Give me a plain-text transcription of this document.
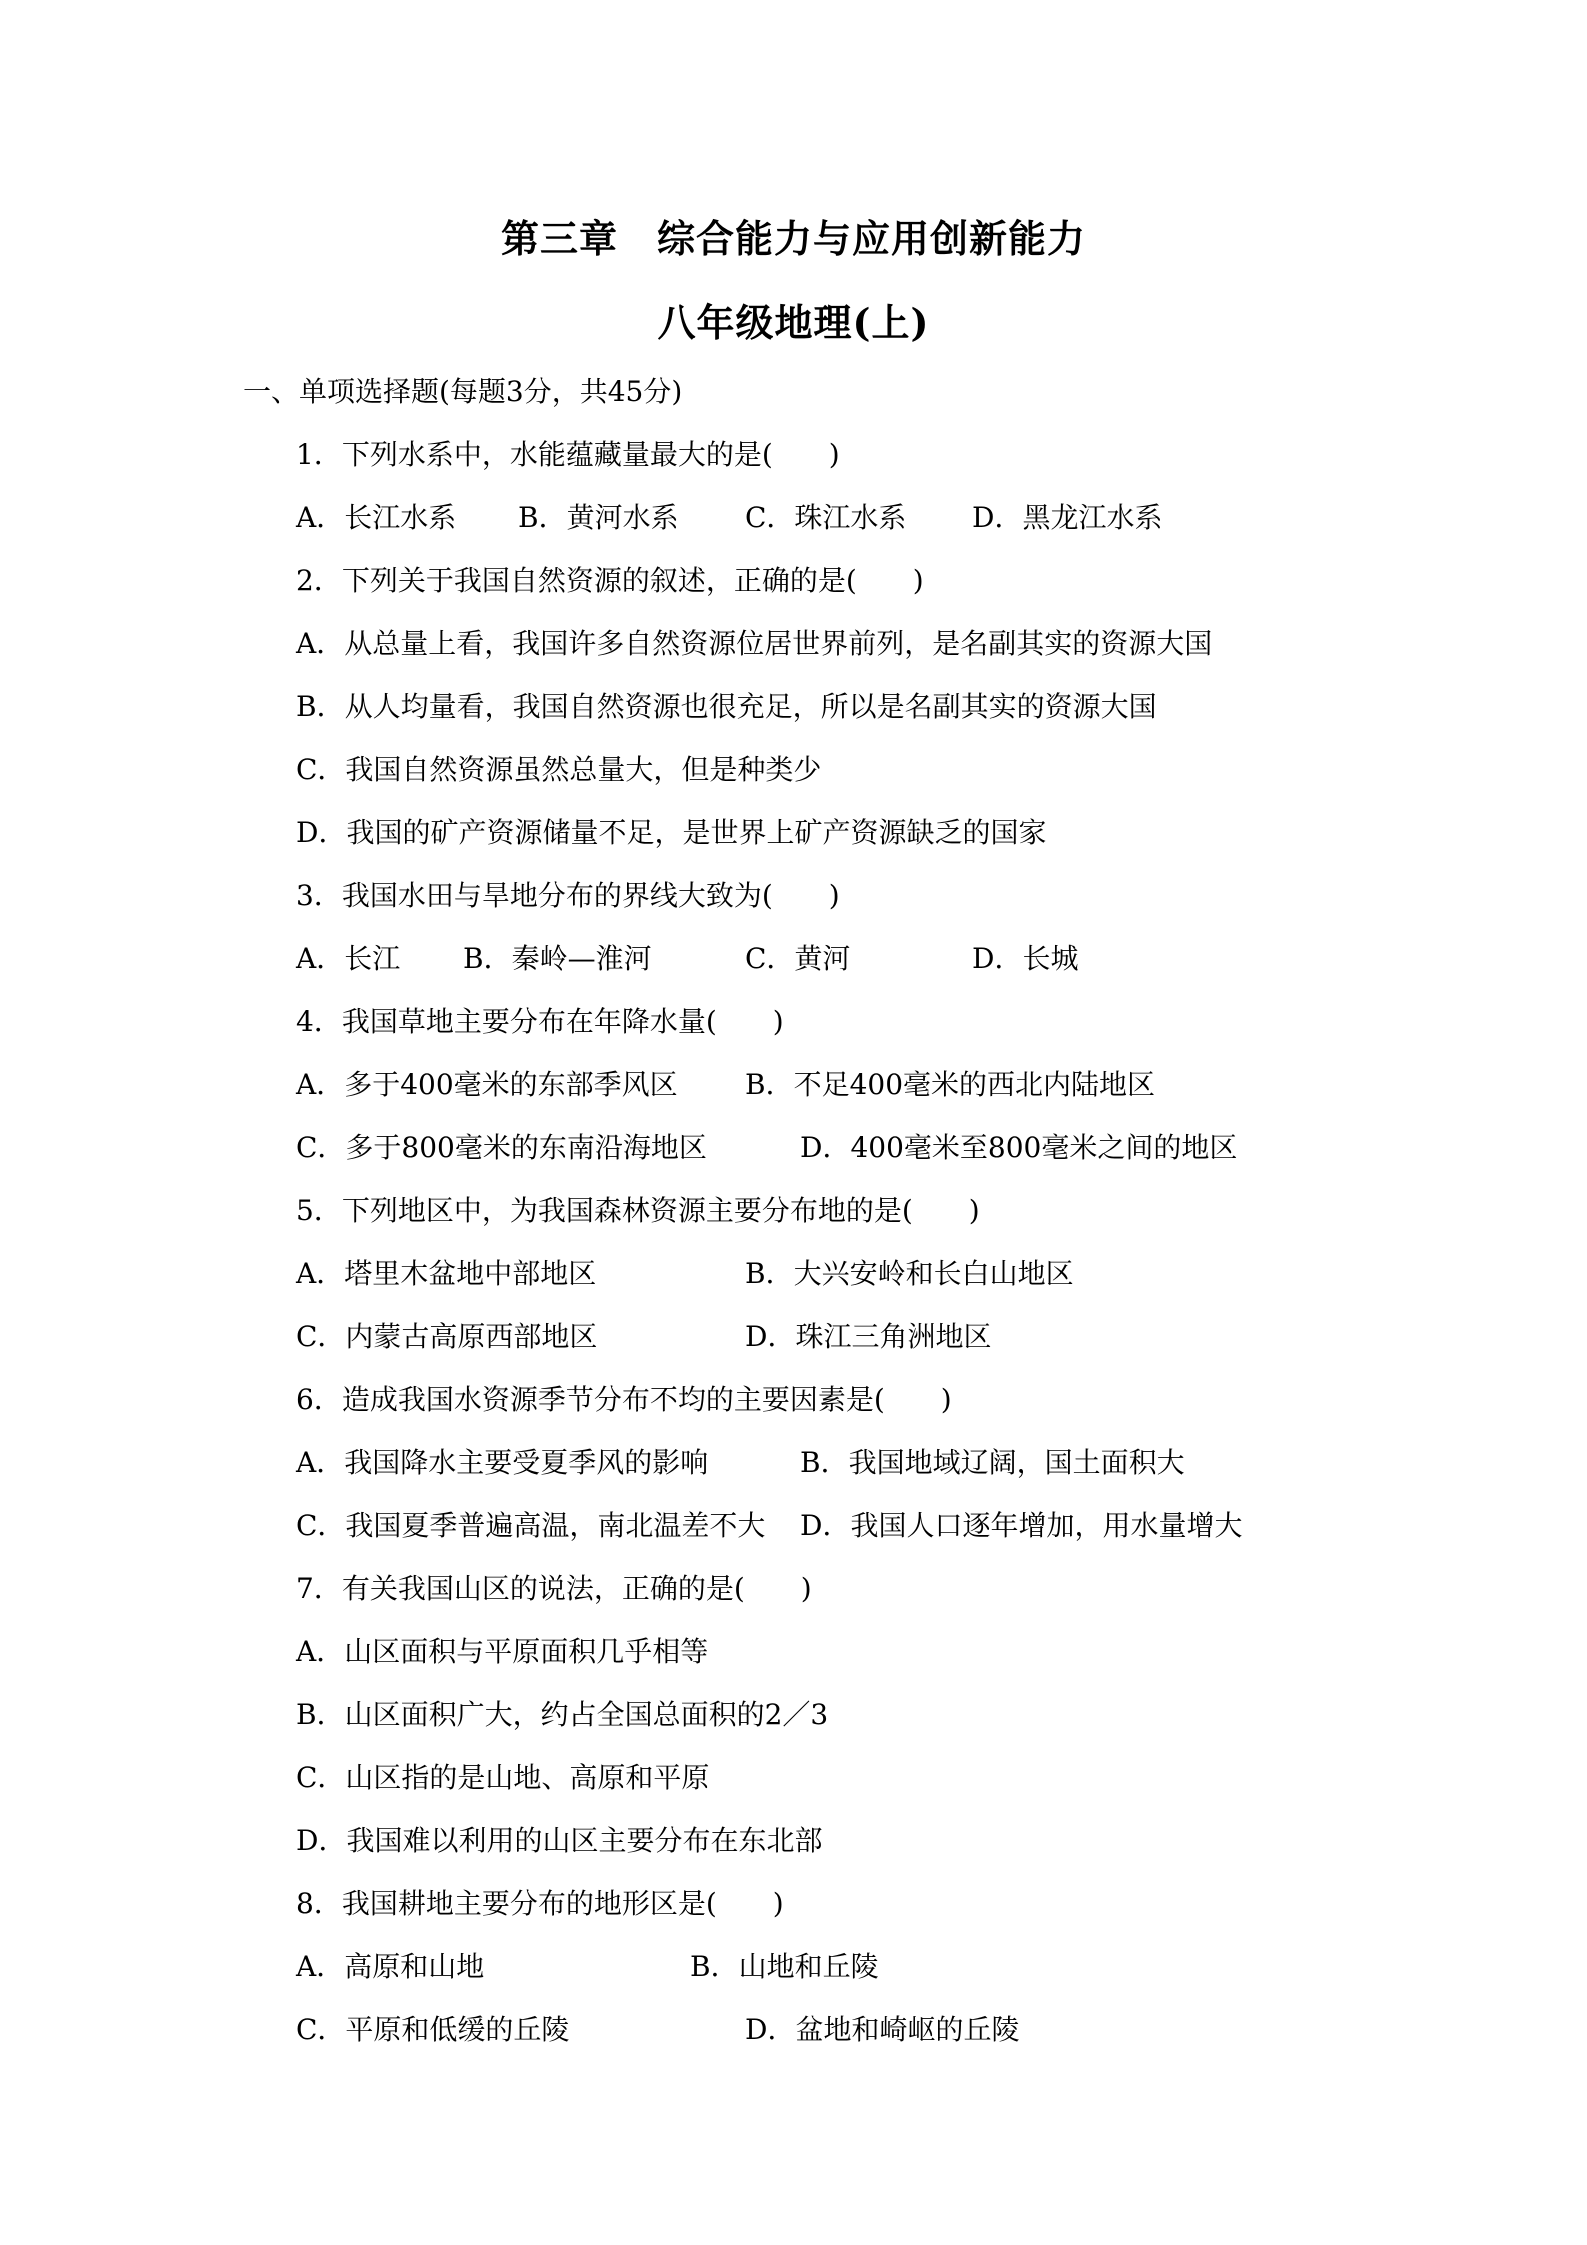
第三章　综合能力与应用创新能力
八年级地理(上)
一、单项选择题(每题3分，共45分)
1．下列水系中，水能蕴藏量最大的是(　　)
A．长江水系 B．黄河水系 C．珠江水系 D．黑龙江水系
2．下列关于我国自然资源的叙述，正确的是(　　)
A．从总量上看，我国许多自然资源位居世界前列，是名副其实的资源大国
B．从人均量看，我国自然资源也很充足，所以是名副其实的资源大国
C．我国自然资源虽然总量大，但是种类少
D．我国的矿产资源储量不足，是世界上矿产资源缺乏的国家
3．我国水田与旱地分布的界线大致为(　　)
A．长江 B．秦岭—淮河	C．黄河	D．长城
4．我国草地主要分布在年降水量(　　)
A．多于400毫米的东部季风区 B．不足400毫米的西北内陆地区
C．多于800毫米的东南沿海地区	D．400毫米至800毫米之间的地区
5．下列地区中，为我国森林资源主要分布地的是(　　)
A．塔里木盆地中部地区	B．大兴安岭和长白山地区
C．内蒙古高原西部地区	D．珠江三角洲地区
6．造成我国水资源季节分布不均的主要因素是(　　)
A．我国降水主要受夏季风的影响	B．我国地域辽阔，国土面积大
C．我国夏季普遍高温，南北温差不大 D．我国人口逐年增加，用水量增大
7．有关我国山区的说法，正确的是(　　)
A．山区面积与平原面积几乎相等
B．山区面积广大，约占全国总面积的2／3
C．山区指的是山地、高原和平原
D．我国难以利用的山区主要分布在东北部
8．我国耕地主要分布的地形区是(　　)
A．高原和山地	B．山地和丘陵
C．平原和低缓的丘陵	D．盆地和崎岖的丘陵
